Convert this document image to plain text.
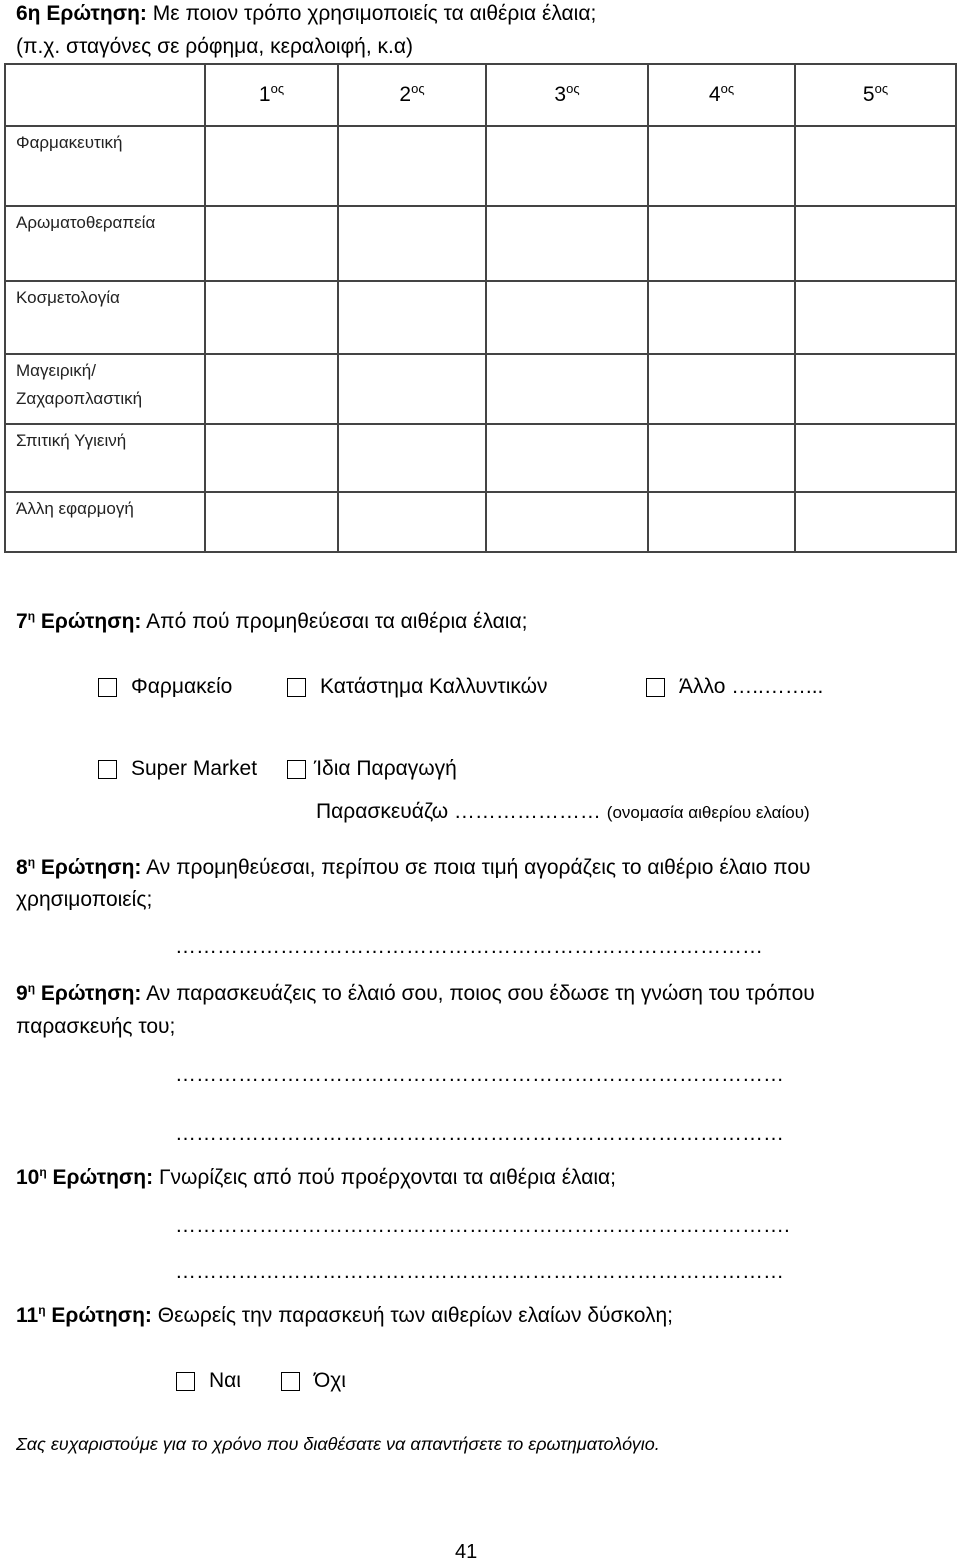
6η Ερώτηση: Με ποιον τρόπο χρησιμοποιείς τα αιθέρια έλαια;
(π.χ. σταγόνες σε ρόφημα, κεραλοιφή, κ.α)
	$1^{o\varsigma}$	$2^{o\varsigma}$	$3^{o\varsigma}$	$4^{o\varsigma}$	$5^{o\varsigma}$
Φαρμακευτική					
Αρωματοθεραπεία					
Κοσμετολογία					

Μαγειρική/ Ζαχαροπλαστική					

Σπιτική Υγιεινή					
Άλλη εφαρμογή					
$7^\eta$ Ερώτηση: Από πού προμηθεύεσαι τα αιθέρια έλαια;
Φαρμακείο	Κατάστημα Καλλυντικών	Άλλο …..……...
Super Market	Ίδια Παραγωγή
Παρασκευάζω ………………… (ονομασία αιθερίου ελαίου)
$8^\eta$ Ερώτηση: Αν προμηθεύεσαι, περίπου σε ποια τιμή αγοράζεις το αιθέριο έλαιο που
χρησιμοποιείς;
…………………………………………………………………………
$9^\eta$ Ερώτηση: Αν παρασκευάζεις το έλαιό σου, ποιος σου έδωσε τη γνώση του τρόπου
παρασκευής του;
……………………………………………………………………………
……………………………………………………………………………
$10^\eta$ Ερώτηση: Γνωρίζεις από πού προέρχονται τα αιθέρια έλαια;
…………………………………………………………………………….
……………………………………………………………………………
$11^\eta$ Ερώτηση: Θεωρείς την παρασκευή των αιθερίων ελαίων δύσκολη;
Ναι	Όχι
Σας ευχαριστούμε για το χρόνο που διαθέσατε να απαντήσετε το ερωτηματολόγιο.
41
